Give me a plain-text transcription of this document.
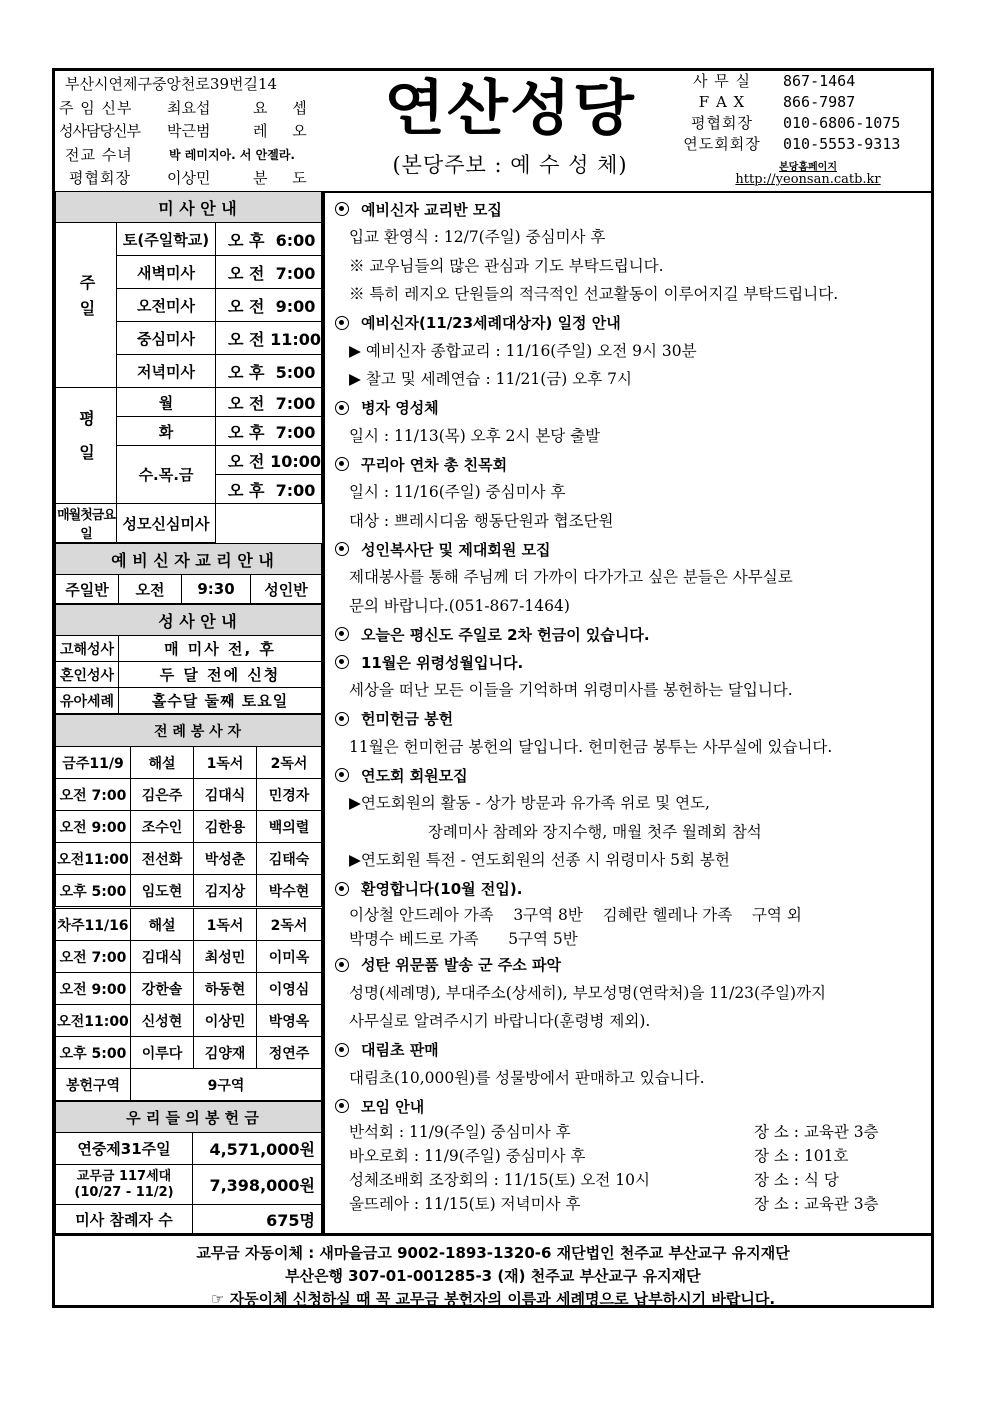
부산시연제구중앙천로39번길14
주 임 신부	최요섭	요 셉
성사담당신부	박근범	레 오
전교 수녀	박 레미지아. 서 안젤라.
평협회장	이상민	분 도
연산성당
(본당주보 : 예 수 성 체)
사 무 실	867-1464
F A X	866-7987
평협회장	010-6806-1075
연도회회장	010-5553-9313
본당홈페이지
http://yeonsan.catb.kr
미 사 안 내		
주일	토(주일학교)	오 후  6:00
	새벽미사	오 전  7:00
	오전미사	오 전  9:00
	중심미사	오 전 11:00
	저녁미사	오 후  5:00
평일	월	오 전  7:00
	화	오 후  7:00
	수.목.금	오 전 10:00
		오 후  7:00
매월첫금요일	성모신심미사	
예 비 신 자 교 리 안 내
주일반	오전	9:30	성인반
성 사 안 내	
고해성사	매 미사 전, 후
혼인성사	두 달 전에 신청
유아세례	홀수달 둘째 토요일
전 례 봉 사 자			
금주11/9	해설	1독서	2독서
오전 7:00	김은주	김대식	민경자
오전 9:00	조수인	김한용	백의렬
오전11:00	전선화	박성춘	김태숙
오후 5:00	임도현	김지상	박수현
차주11/16	해설	1독서	2독서
오전 7:00	김대식	최성민	이미옥
오전 9:00	강한솔	하동현	이영심
오전11:00	신성현	이상민	박영옥
오후 5:00	이루다	김양재	정연주
봉헌구역	9구역		
우 리 들 의 봉 헌 금	
연중제31주일	4,571,000원

교무금 117세대
(10/27 - 11/2)	7,398,000원
미사 참례자 수	675명
예비신자 교리반 모집
입교 환영식 : 12/7(주일) 중심미사 후
※ 교우님들의 많은 관심과 기도 부탁드립니다.
※ 특히 레지오 단원들의 적극적인 선교활동이 이루어지길 부탁드립니다.
예비신자(11/23세례대상자) 일정 안내
▶ 예비신자 종합교리 : 11/16(주일) 오전 9시 30분
▶ 찰고 및 세례연습 : 11/21(금) 오후 7시
병자 영성체
일시 : 11/13(목) 오후 2시 본당 출발
꾸리아 연차 총 친목회
일시 : 11/16(주일) 중심미사 후
대상 : 쁘레시디움 행동단원과 협조단원
성인복사단 및 제대회원 모집
제대봉사를 통해 주님께 더 가까이 다가가고 싶은 분들은 사무실로
문의 바랍니다.(051-867-1464)
오늘은 평신도 주일로 2차 헌금이 있습니다.
11월은 위령성월입니다.
세상을 떠난 모든 이들을 기억하며 위령미사를 봉헌하는 달입니다.
헌미헌금 봉헌
11월은 헌미헌금 봉헌의 달입니다. 헌미헌금 봉투는 사무실에 있습니다.
연도회 회원모집
▶연도회원의 활동 - 상가 방문과 유가족 위로 및 연도,
장례미사 참례와 장지수행, 매월 첫주 월례회 참석
▶연도회원 특전 - 연도회원의 선종 시 위령미사 5회 봉헌
환영합니다(10월 전입).
이상철 안드레아 가족    3구역 8반    김혜란 헬레나 가족    구역 외
박명수 베드로 가족      5구역 5반
성탄 위문품 발송 군 주소 파악
성명(세례명), 부대주소(상세히), 부모성명(연락처)을 11/23(주일)까지
사무실로 알려주시기 바랍니다(훈령병 제외).
대림초 판매
대림초(10,000원)를 성물방에서 판매하고 있습니다.
모임 안내
반석회 : 11/9(주일) 중심미사 후	장 소 : 교육관 3층
바오로회 : 11/9(주일) 중심미사 후	장 소 : 101호
성체조배회 조장회의 : 11/15(토) 오전 10시	장 소 : 식 당
울뜨레아 : 11/15(토) 저녁미사 후	장 소 : 교육관 3층
교무금 자동이체 : 새마을금고 9002-1893-1320-6 재단법인 천주교 부산교구 유지재단
부산은행 307-01-001285-3 (재) 천주교 부산교구 유지재단
☞ 자동이체 신청하실 때 꼭 교무금 봉헌자의 이름과 세례명으로 납부하시기 바랍니다.
